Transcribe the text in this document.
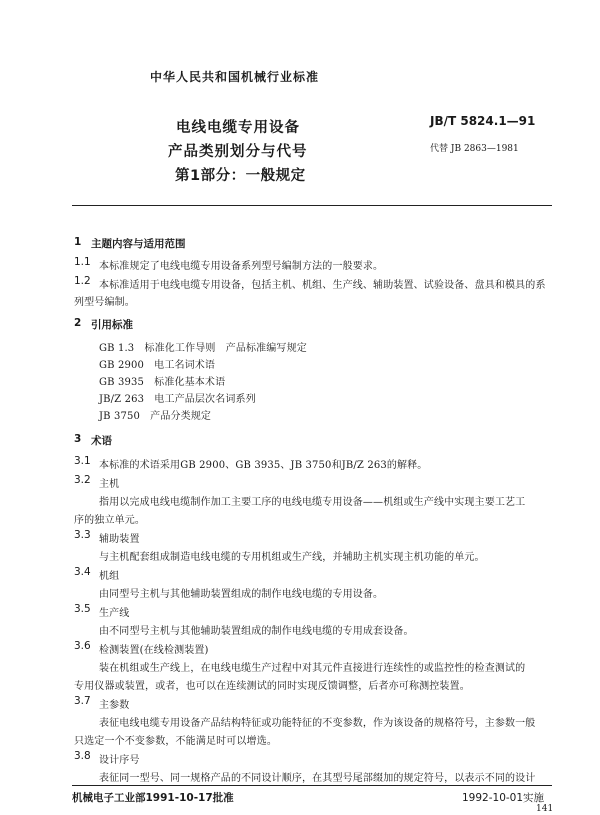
中华人民共和国机械行业标准
电线电缆专用设备
产品类别划分与代号
第1部分：一般规定
JB/T 5824.1—91
代替 JB 2863—1981
1 主题内容与适用范围
1.1 本标准规定了电线电缆专用设备系列型号编制方法的一般要求。
1.2 本标准适用于电线电缆专用设备，包括主机、机组、生产线、辅助装置、试验设备、盘具和模具的系
列型号编制。
2 引用标准
GB 1.3　标准化工作导则　产品标准编写规定
GB 2900　电工名词术语
GB 3935　标准化基本术语
JB/Z 263　电工产品层次名词系列
JB 3750　产品分类规定
3 术语
3.1 本标准的术语采用GB 2900、GB 3935、JB 3750和JB/Z 263的解释。
3.2 主机
指用以完成电线电缆制作加工主要工序的电线电缆专用设备——机组或生产线中实现主要工艺工
序的独立单元。
3.3 辅助装置
与主机配套组成制造电线电缆的专用机组或生产线，并辅助主机实现主机功能的单元。
3.4 机组
由同型号主机与其他辅助装置组成的制作电线电缆的专用设备。
3.5 生产线
由不同型号主机与其他辅助装置组成的制作电线电缆的专用成套设备。
3.6 检测装置(在线检测装置)
装在机组或生产线上，在电线电缆生产过程中对其元件直接进行连续性的或监控性的检查测试的
专用仪器或装置，或者，也可以在连续测试的同时实现反馈调整，后者亦可称测控装置。
3.7 主参数
表征电线电缆专用设备产品结构特征或功能特征的不变参数，作为该设备的规格符号，主参数一般
只选定一个不变参数，不能满足时可以增选。
3.8 设计序号
表征同一型号、同一规格产品的不同设计顺序，在其型号尾部缀加的规定符号，以表示不同的设计
机械电子工业部1991-10-17批准	1992-10-01实施
141
